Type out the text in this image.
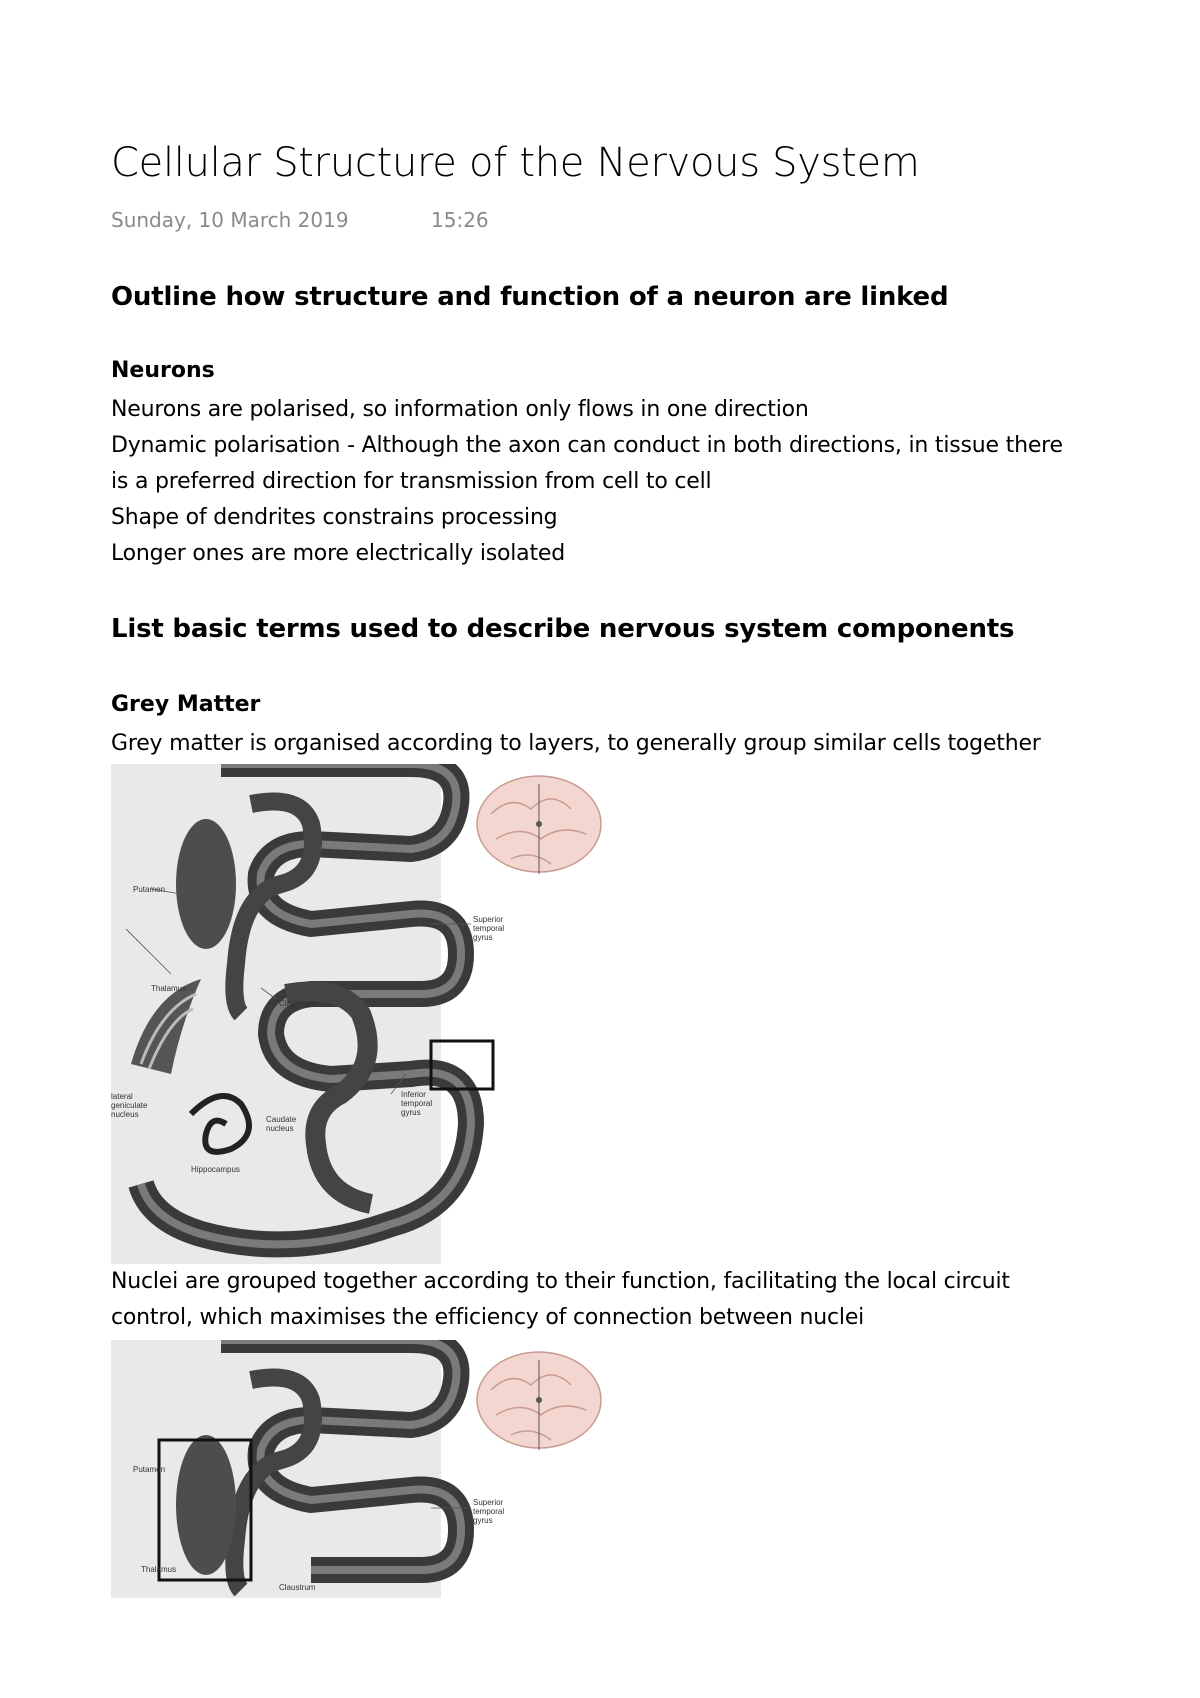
Cellular Structure of the Nervous System
Sunday, 10 March 2019	15:26
Outline how structure and function of a neuron are linked
Neurons
Neurons are polarised, so information only flows in one direction
Dynamic polarisation - Although the axon can conduct in both directions, in tissue there
is a preferred direction for transmission from cell to cell
Shape of dendrites constrains processing
Longer ones are more electrically isolated
List basic terms used to describe nervous system components
Grey Matter
Grey matter is organised according to layers, to generally group similar cells together
Putamen
Thalamus
Claustrum
Superior
temporal
gyrus
Inferior
temporal
gyrus
lateral
geniculate
nucleus
Caudate
nucleus
Hippocampus
Nuclei are grouped together according to their function, facilitating the local circuit
control, which maximises the efficiency of connection between nuclei
Putamen
Thalamus
Claustrum
Superior
temporal
gyrus
